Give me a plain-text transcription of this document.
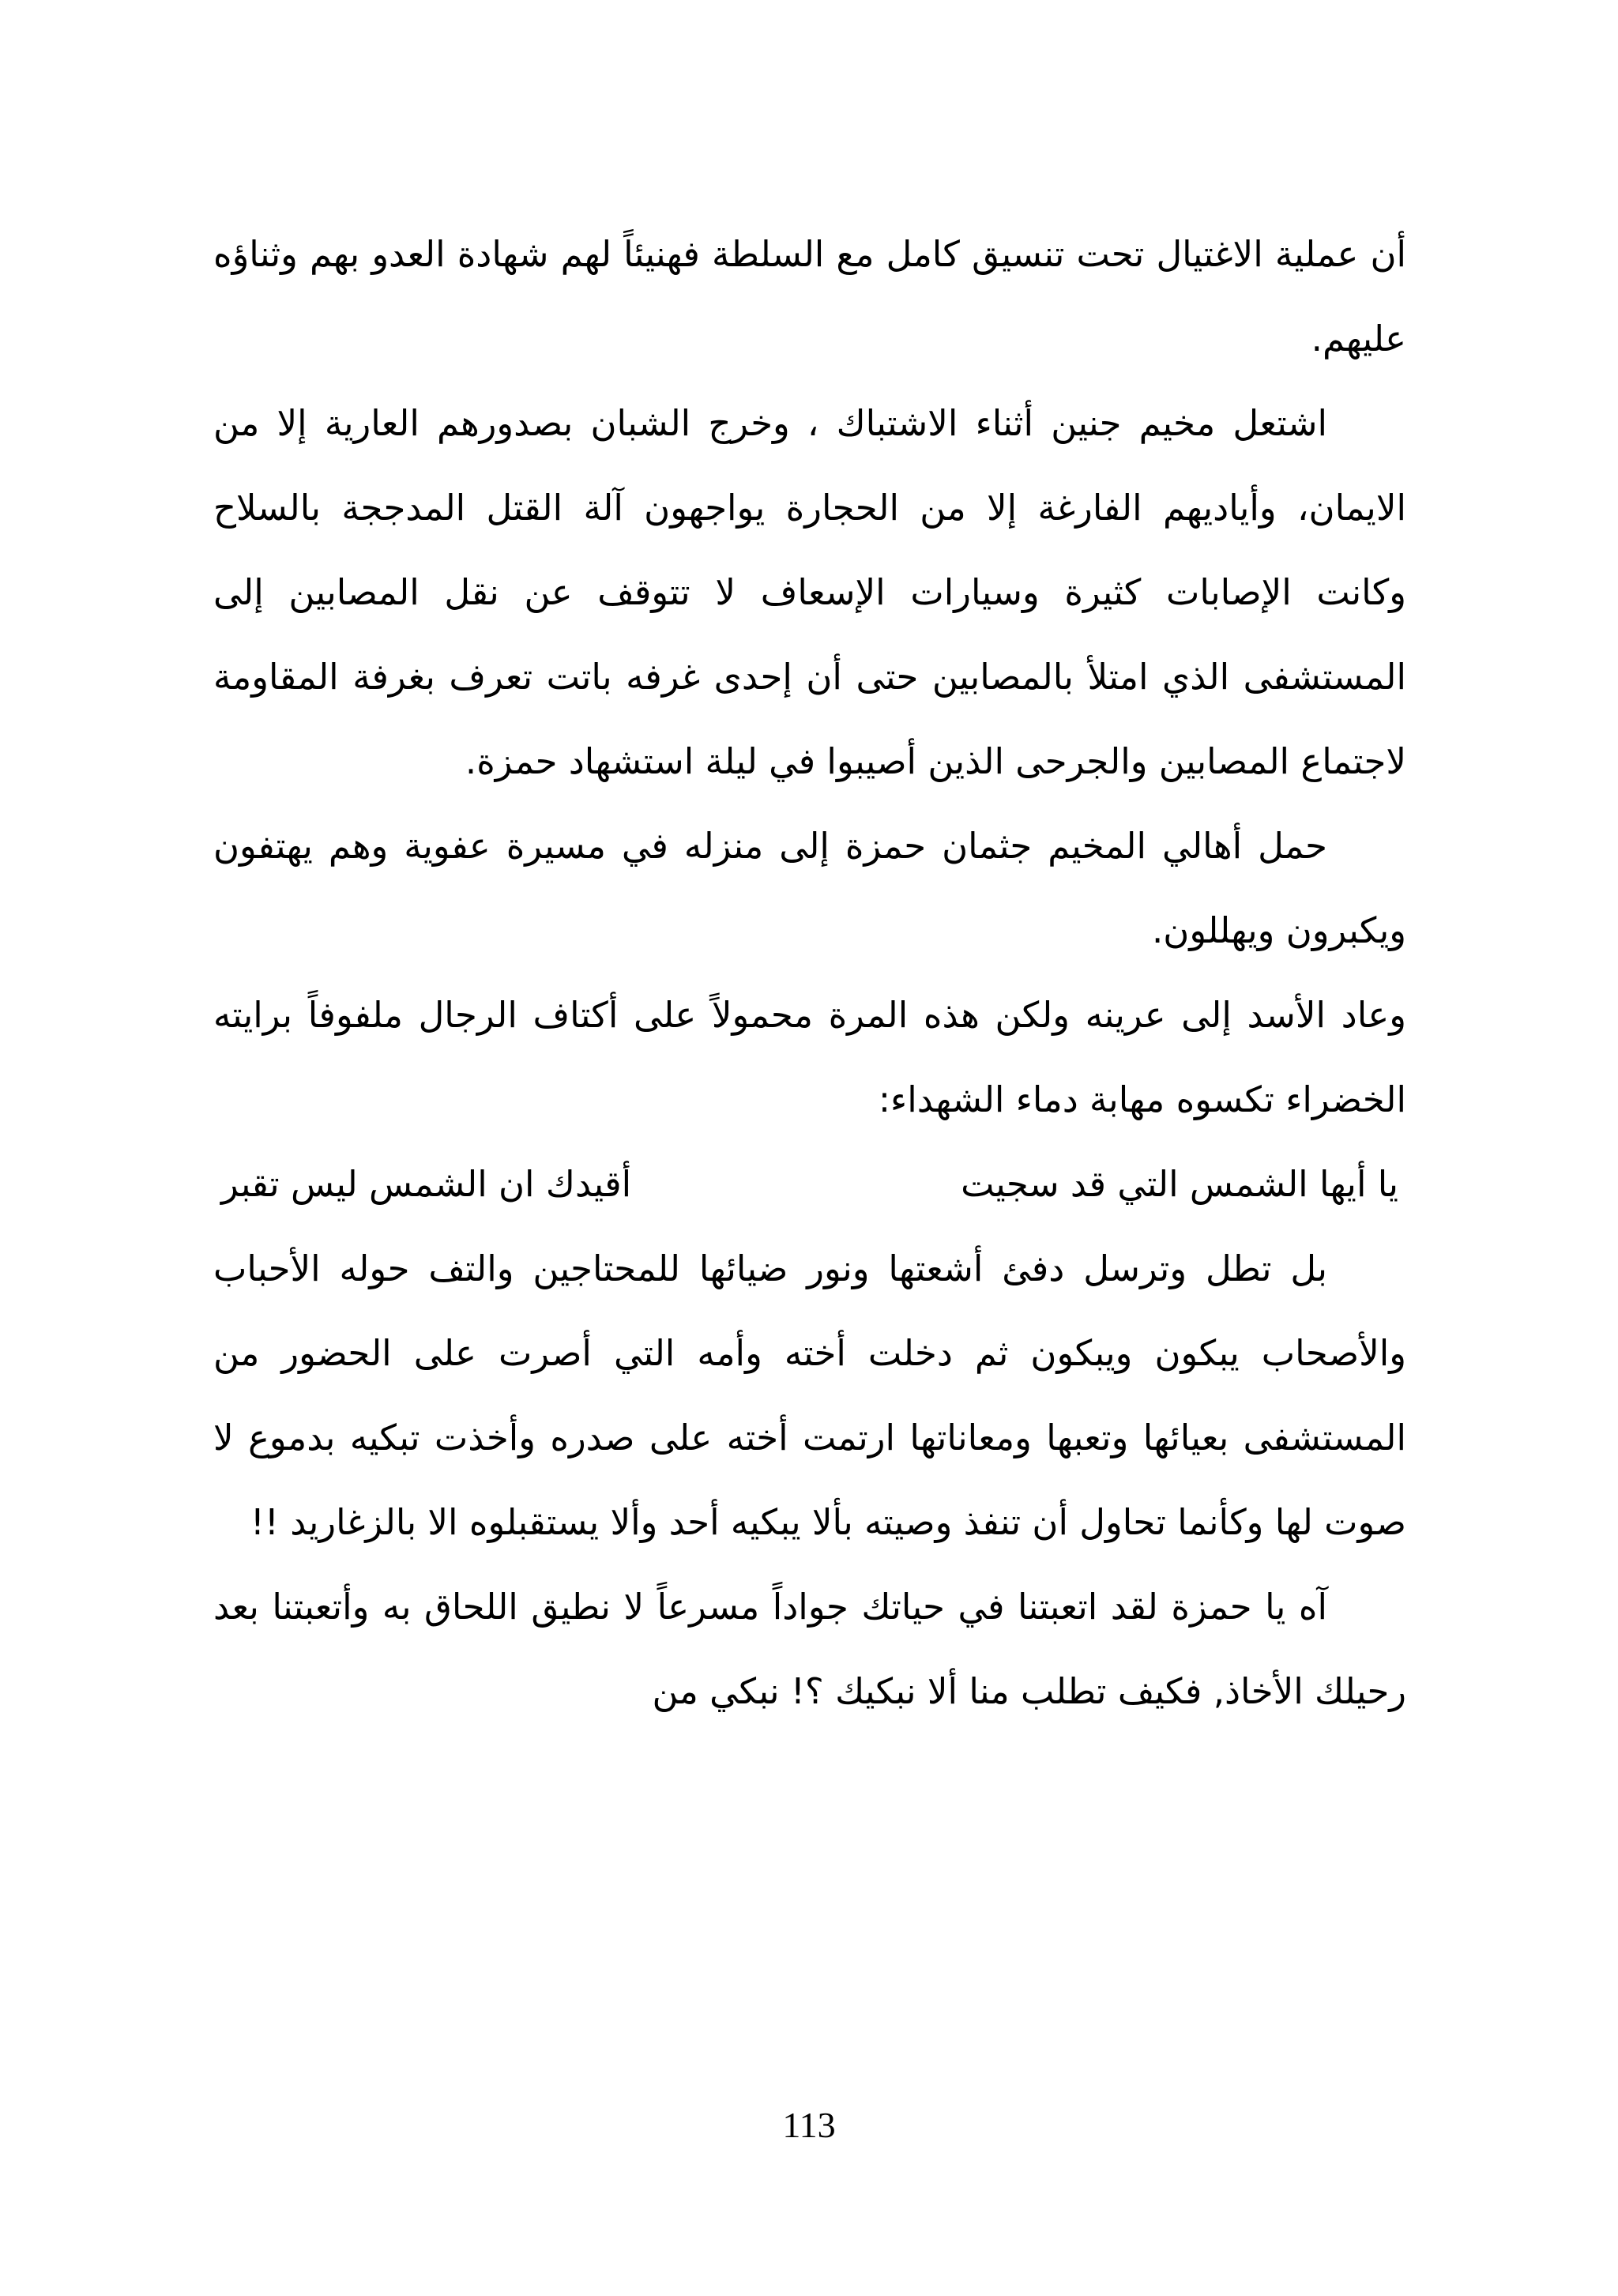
أن عملية الاغتيال تحت تنسيق كامل مع السلطة فهنيئاً لهم شهادة العدو بهم وثناؤه عليهم.

اشتعل مخيم جنين أثناء الاشتباك ، وخرج الشبان بصدورهم العارية إلا من الايمان، وأياديهم الفارغة إلا من الحجارة يواجهون آلة القتل المدججة بالسلاح وكانت الإصابات كثيرة وسيارات الإسعاف لا تتوقف عن نقل المصابين إلى المستشفى الذي امتلأ بالمصابين حتى أن إحدى غرفه باتت تعرف بغرفة المقاومة لاجتماع المصابين والجرحى الذين أصيبوا في ليلة استشهاد حمزة.

حمل أهالي المخيم جثمان حمزة إلى منزله في مسيرة عفوية وهم يهتفون ويكبرون ويهللون.

وعاد الأسد إلى عرينه ولكن هذه المرة محمولاً على أكتاف الرجال ملفوفاً برايته الخضراء تكسوه مهابة دماء الشهداء:

يا أيها الشمس التي قد سجيت
أقيدك ان الشمس ليس تقبر

بل تطل وترسل دفئ أشعتها ونور ضيائها للمحتاجين والتف حوله الأحباب والأصحاب يبكون ويبكون ثم دخلت أخته وأمه التي أصرت على الحضور من المستشفى بعيائها وتعبها ومعاناتها ارتمت أخته على صدره وأخذت تبكيه بدموع لا صوت لها وكأنما تحاول أن تنفذ وصيته بألا يبكيه أحد وألا يستقبلوه الا بالزغاريد !!

آه يا حمزة لقد اتعبتنا في حياتك جواداً مسرعاً لا نطيق اللحاق به وأتعبتنا بعد رحيلك الأخاذ, فكيف تطلب منا ألا نبكيك ؟! نبكي من

113
